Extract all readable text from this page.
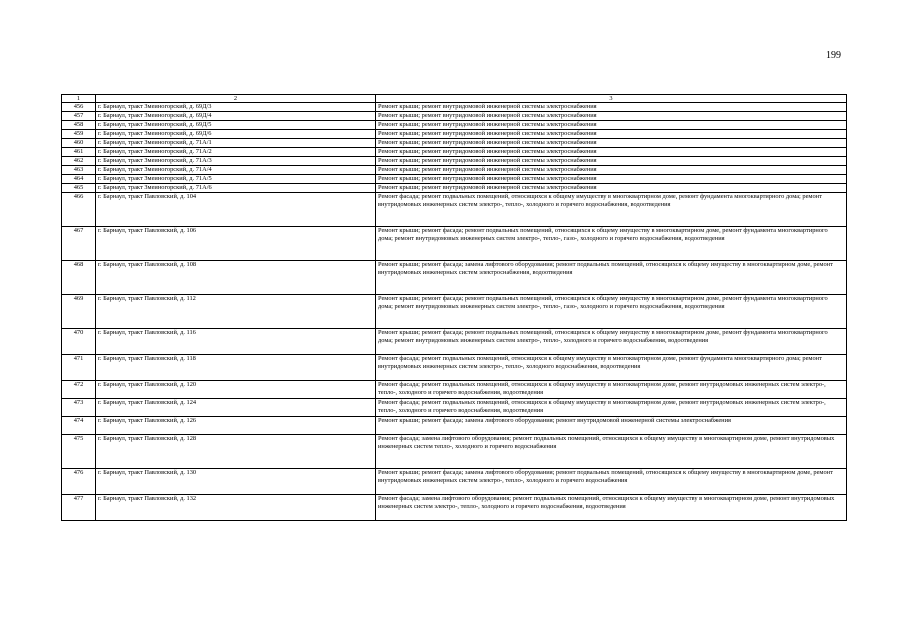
199
1	2	3
456	г. Барнаул, тракт Змеиногорский, д. 69Д/3	Ремонт крыши; ремонт внутридомовой инженерной системы электроснабжения
457	г. Барнаул, тракт Змеиногорский, д. 69Д/4	Ремонт крыши; ремонт внутридомовой инженерной системы электроснабжения
458	г. Барнаул, тракт Змеиногорский, д. 69Д/5	Ремонт крыши; ремонт внутридомовой инженерной системы электроснабжения
459	г. Барнаул, тракт Змеиногорский, д. 69Д/6	Ремонт крыши; ремонт внутридомовой инженерной системы электроснабжения
460	г. Барнаул, тракт Змеиногорский, д. 71А/1	Ремонт крыши; ремонт внутридомовой инженерной системы электроснабжения
461	г. Барнаул, тракт Змеиногорский, д. 71А/2	Ремонт крыши; ремонт внутридомовой инженерной системы электроснабжения
462	г. Барнаул, тракт Змеиногорский, д. 71А/3	Ремонт крыши; ремонт внутридомовой инженерной системы электроснабжения
463	г. Барнаул, тракт Змеиногорский, д. 71А/4	Ремонт крыши; ремонт внутридомовой инженерной системы электроснабжения
464	г. Барнаул, тракт Змеиногорский, д. 71А/5	Ремонт крыши; ремонт внутридомовой инженерной системы электроснабжения
465	г. Барнаул, тракт Змеиногорский, д. 71А/6	Ремонт крыши; ремонт внутридомовой инженерной системы электроснабжения
466	г. Барнаул, тракт Павловский, д. 104	Ремонт фасада; ремонт подвальных помещений, относящихся к общему имуществу в многоквартирном доме, ремонт фундамента многоквартирного дома; ремонт внутридомовых инженерных систем электро-, тепло-, холодного и горячего водоснабжения, водоотведения
467	г. Барнаул, тракт Павловский, д. 106	Ремонт крыши; ремонт фасада; ремонт подвальных помещений, относящихся к общему имуществу в многоквартирном доме, ремонт фундамента многоквартирного дома; ремонт внутридомовых инженерных систем электро-, тепло-, газо-, холодного и горячего водоснабжения, водоотведения
468	г. Барнаул, тракт Павловский, д. 108	Ремонт крыши; ремонт фасада; замена лифтового оборудования; ремонт подвальных помещений, относящихся к общему имуществу в многоквартирном доме, ремонт внутридомовых инженерных систем электроснабжения, водоотведения
469	г. Барнаул, тракт Павловский, д. 112	Ремонт крыши; ремонт фасада; ремонт подвальных помещений, относящихся к общему имуществу в многоквартирном доме, ремонт фундамента многоквартирного дома; ремонт внутридомовых инженерных систем электро-, тепло-, газо-, холодного и горячего водоснабжения, водоотведения
470	г. Барнаул, тракт Павловский, д. 116	Ремонт крыши; ремонт фасада; ремонт подвальных помещений, относящихся к общему имуществу в многоквартирном доме, ремонт фундамента многоквартирного дома; ремонт внутридомовых инженерных систем электро-, тепло-, холодного и горячего водоснабжения, водоотведения
471	г. Барнаул, тракт Павловский, д. 118	Ремонт фасада; ремонт подвальных помещений, относящихся к общему имуществу в многоквартирном доме, ремонт фундамента многоквартирного дома; ремонт внутридомовых инженерных систем электро-, тепло-, холодного водоснабжения, водоотведения
472	г. Барнаул, тракт Павловский, д. 120	Ремонт фасада; ремонт подвальных помещений, относящихся к общему имуществу в многоквартирном доме, ремонт внутридомовых инженерных систем электро-, тепло-, холодного и горячего водоснабжения, водоотведения
473	г. Барнаул, тракт Павловский, д. 124	Ремонт фасада; ремонт подвальных помещений, относящихся к общему имуществу в многоквартирном доме, ремонт внутридомовых инженерных систем электро-, тепло-, холодного и горячего водоснабжения, водоотведения
474	г. Барнаул, тракт Павловский, д. 126	Ремонт крыши; ремонт фасада; замена лифтового оборудования; ремонт внутридомовой инженерной системы электроснабжения
475	г. Барнаул, тракт Павловский, д. 128	Ремонт фасада; замена лифтового оборудования; ремонт подвальных помещений, относящихся к общему имуществу в многоквартирном доме, ремонт внутридомовых инженерных систем тепло-, холодного и горячего водоснабжения
476	г. Барнаул, тракт Павловский, д. 130	Ремонт крыши; ремонт фасада; замена лифтового оборудования; ремонт подвальных помещений, относящихся к общему имуществу в многоквартирном доме, ремонт внутридомовых инженерных систем электро-, тепло-, холодного и горячего водоснабжения
477	г. Барнаул, тракт Павловский, д. 132	Ремонт фасада; замена лифтового оборудования; ремонт подвальных помещений, относящихся к общему имуществу в многоквартирном доме, ремонт внутридомовых инженерных систем электро-, тепло-, холодного и горячего водоснабжения, водоотведения
